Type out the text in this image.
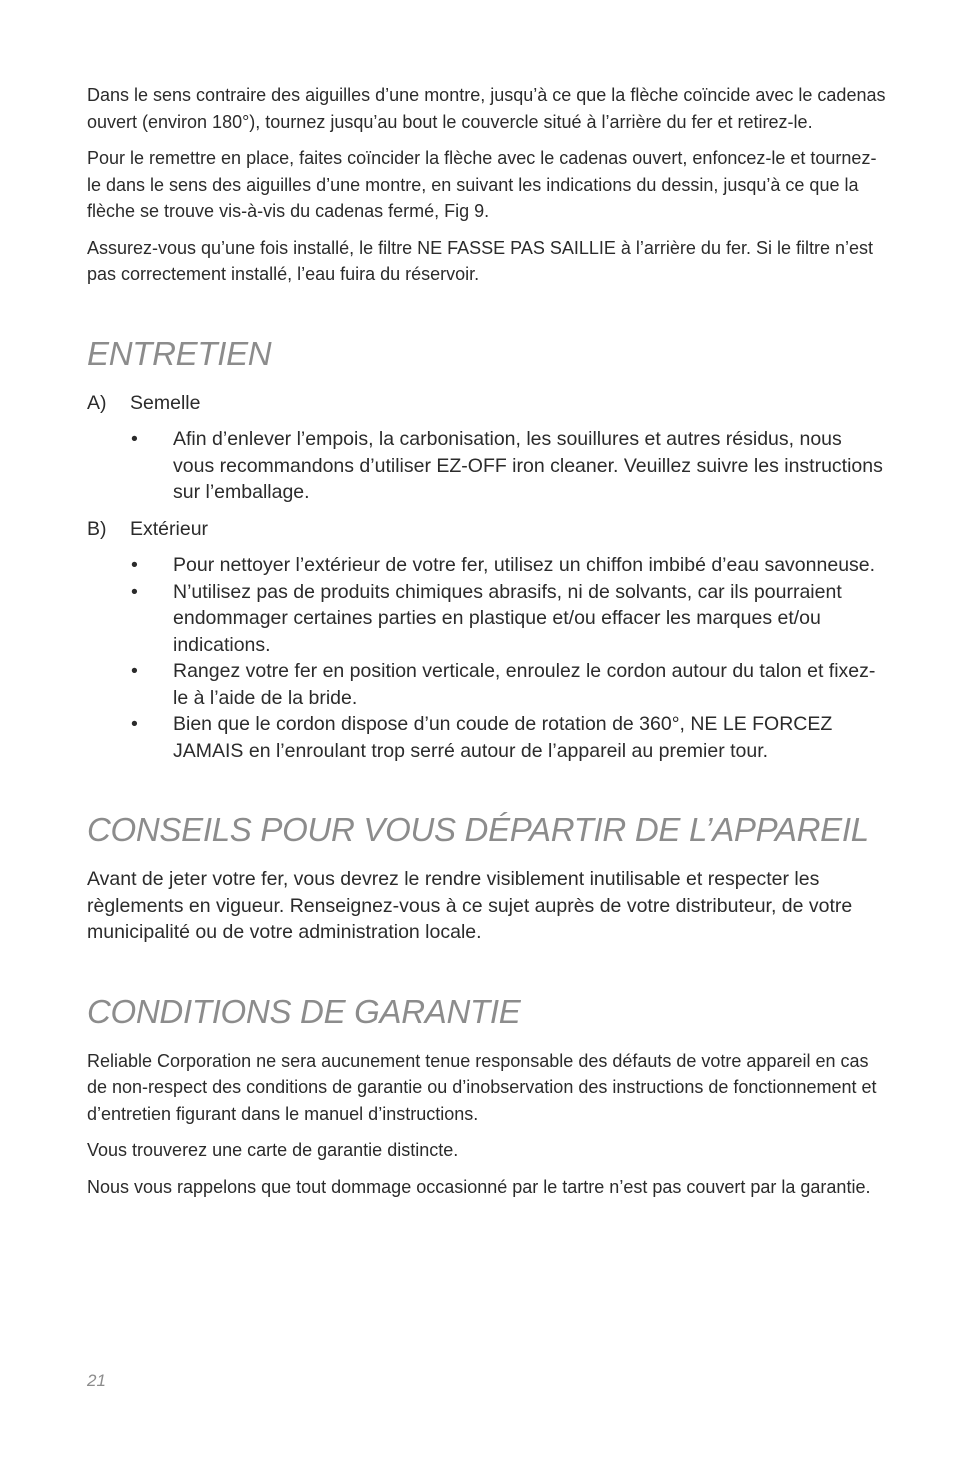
Dans le sens contraire des aiguilles d’une montre, jusqu’à ce que la flèche coïncide avec le cadenas ouvert (environ 180°), tournez jusqu’au bout le couvercle situé à l’arrière du fer et retirez-le.

Pour le remettre en place, faites coïncider la flèche avec le cadenas ouvert, enfoncez-le et tournez-le dans le sens des aiguilles d’une montre, en suivant les indications du dessin, jusqu’à ce que la flèche se trouve vis-à-vis du cadenas fermé, Fig 9.

Assurez-vous qu’une fois installé, le filtre NE FASSE PAS SAILLIE à l’arrière du fer. Si le filtre n’est pas correctement installé, l’eau fuira du réservoir.

ENTRETIEN
A)	Semelle
•	Afin d’enlever l’empois, la carbonisation, les souillures et autres résidus, nous vous recommandons d’utiliser EZ-OFF iron cleaner. Veuillez suivre les instructions sur l’emballage.
B)	Extérieur
•	Pour nettoyer l’extérieur de votre fer, utilisez un chiffon imbibé d’eau savonneuse.
•	N’utilisez pas de produits chimiques abrasifs, ni de solvants, car ils pourraient endommager certaines parties en plastique et/ou effacer les marques et/ou indications.
•	Rangez votre fer en position verticale, enroulez le cordon autour du talon et fixez-le à l’aide de la bride.
•	Bien que le cordon dispose d’un coude de rotation de 360°, NE LE FORCEZ JAMAIS en l’enroulant trop serré autour de l’appareil au premier tour.
CONSEILS POUR VOUS DÉPARTIR DE L’APPAREIL

Avant de jeter votre fer, vous devrez le rendre visiblement inutilisable et respecter les règlements en vigueur. Renseignez-vous à ce sujet auprès de votre distributeur, de votre municipalité ou de votre administration locale.

CONDITIONS DE GARANTIE

Reliable Corporation ne sera aucunement tenue responsable des défauts de votre appareil en cas de non-respect des conditions de garantie ou d’inobservation des instructions de fonctionnement et d’entretien figurant dans le manuel d’instructions.

Vous trouverez une carte de garantie distincte.

Nous vous rappelons que tout dommage occasionné par le tartre n’est pas couvert par la garantie.

21
